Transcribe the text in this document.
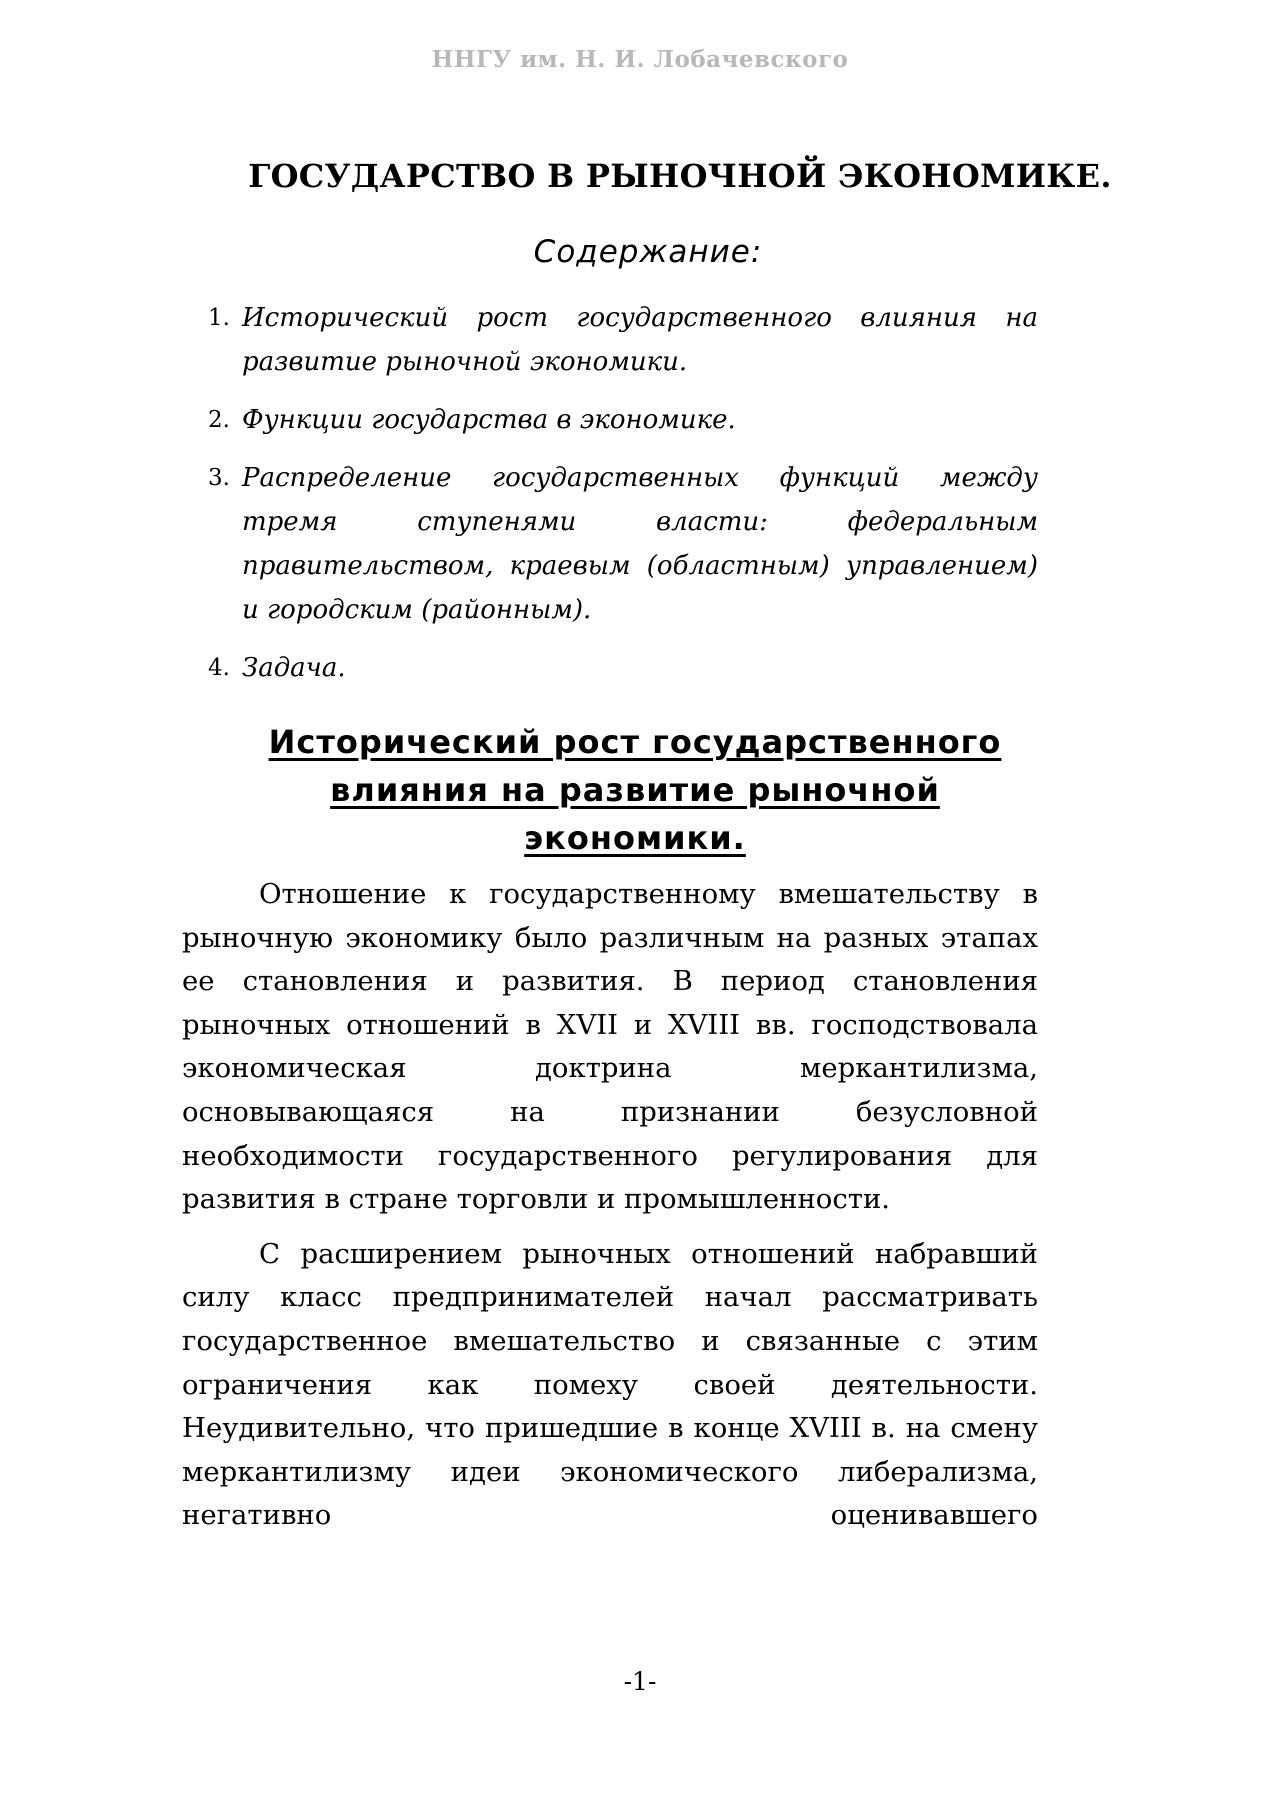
ННГУ им. Н. И. Лобачевского
ГОСУДАРСТВО В РЫНОЧНОЙ ЭКОНОМИКЕ.
Содержание:
1. Исторический рост государственного влияния на развитие рыночной экономики.
2. Функции государства в экономике.
3. Распределение государственных функций между тремя ступенями власти: федеральным правительством, краевым (областным) управлением) и городским (районным).
4. Задача.
Исторический рост государственного влияния на развитие рыночной экономики.

Отношение к государственному вмешательству в рыночную экономику было различным на разных этапах ее становления и развития. В период становления рыночных отношений в XVII и XVIII вв. господствовала экономическая доктрина меркантилизма, основывающаяся на признании безусловной необходимости государственного регулирования для развития в стране торговли и промышленности.

С расширением рыночных отношений набравший силу класс предпринимателей начал рассматривать государственное вмешательство и связанные с этим ограничения как помеху своей деятельности. Неудивительно, что пришедшие в конце XVIII в. на смену меркантилизму идеи экономического либерализма, негативно оценивавшего

-1-
